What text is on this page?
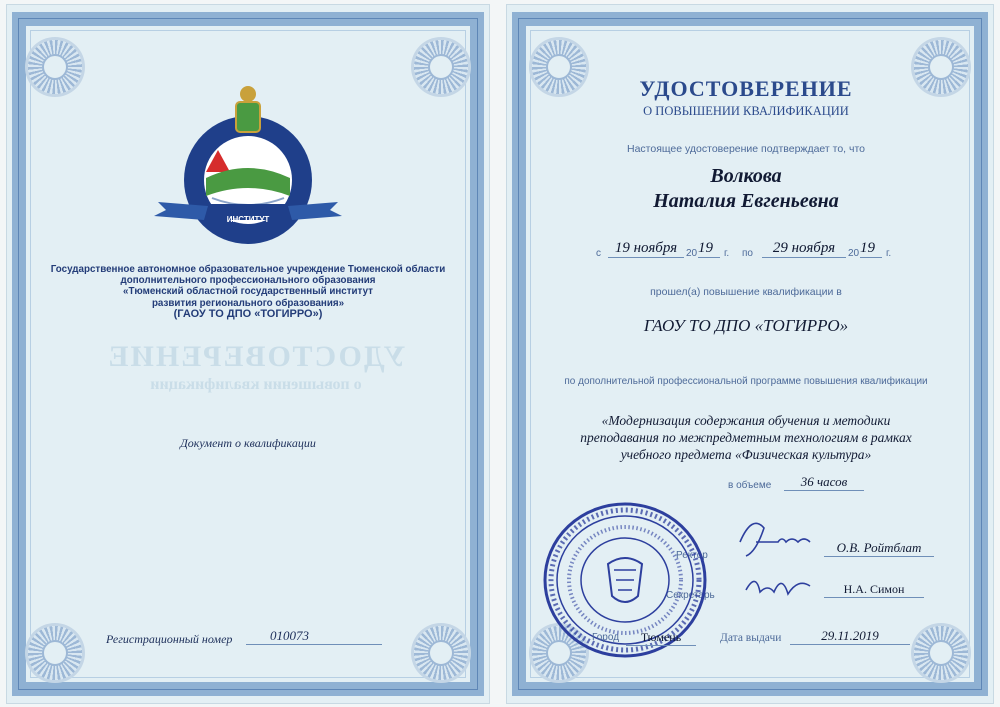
ИНСТИТУТ
Государственное автономное образовательное учреждение Тюменской области
дополнительного профессионального образования
«Тюменский областной государственный институт
развития регионального образования»
(ГАОУ ТО ДПО «ТОГИРРО»)
УДОСТОВЕРЕНИЕ
о повышении квалификации
Документ о квалификации
Регистрационный номер	010073
УДОСТОВЕРЕНИЕ
О ПОВЫШЕНИИ КВАЛИФИКАЦИИ
Настоящее удостоверение подтверждает то, что
Волкова
Наталия Евгеньевна
с 19 ноября 20 19	г. по	29 ноября	20 19	г.
прошел(а) повышение квалификации в
ГАОУ ТО ДПО «ТОГИРРО»
по дополнительной профессиональной программе повышения квалификации
«Модернизация содержания обучения и методики
преподавания по межпредметным технологиям в рамках
учебного предмета «Физическая культура»
в объеме	36 часов
Ректор
О.В. Ройтблат
Секретарь	Н.А. Симон
Город	Тюмень	Дата выдачи	29.11.2019
